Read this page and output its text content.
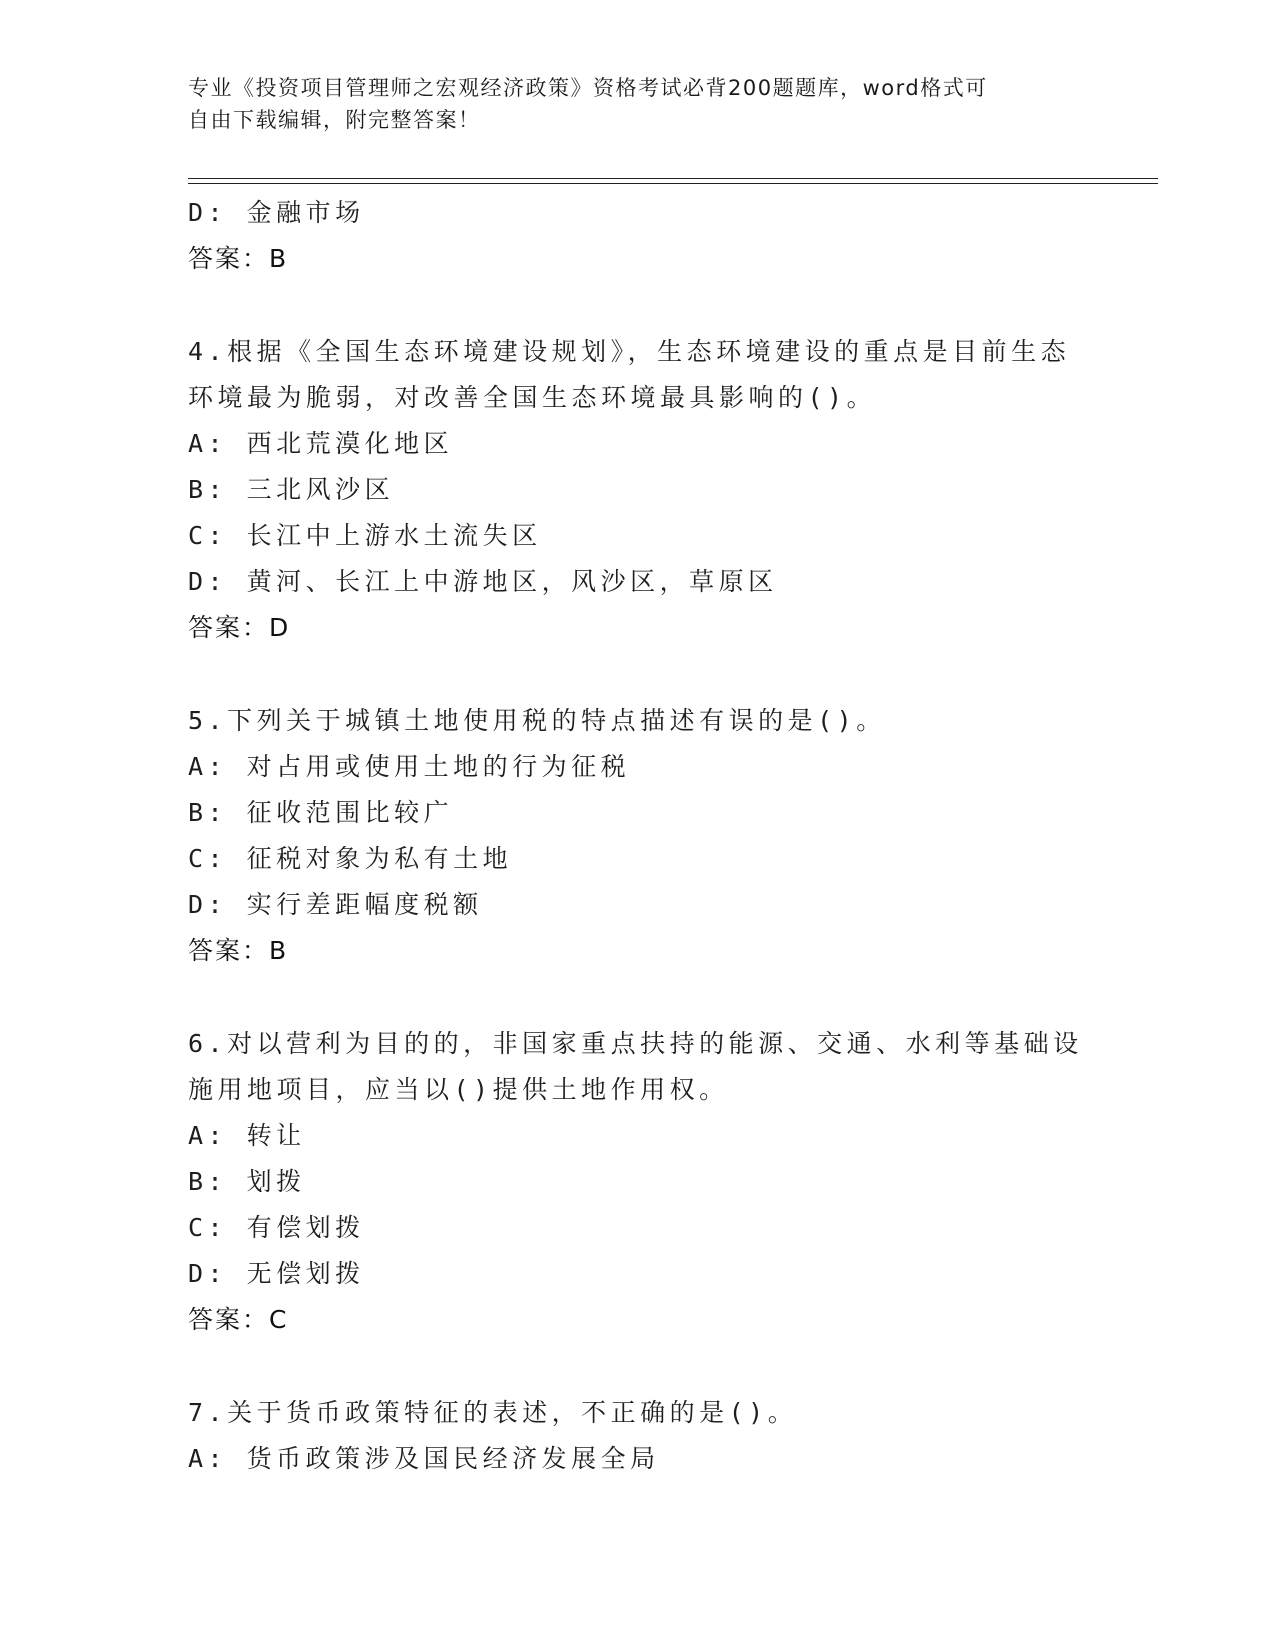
专业《投资项目管理师之宏观经济政策》资格考试必背200题题库，word格式可
自由下载编辑，附完整答案！
D: 金融市场
答案：B
4.根据《全国生态环境建设规划》，生态环境建设的重点是目前生态
环境最为脆弱，对改善全国生态环境最具影响的()。
A: 西北荒漠化地区
B: 三北风沙区
C: 长江中上游水土流失区
D: 黄河、长江上中游地区，风沙区，草原区
答案：D
5.下列关于城镇土地使用税的特点描述有误的是()。
A: 对占用或使用土地的行为征税
B: 征收范围比较广
C: 征税对象为私有土地
D: 实行差距幅度税额
答案：B
6.对以营利为目的的，非国家重点扶持的能源、交通、水利等基础设
施用地项目，应当以()提供土地作用权。
A: 转让
B: 划拨
C: 有偿划拨
D: 无偿划拨
答案：C
7.关于货币政策特征的表述，不正确的是()。
A: 货币政策涉及国民经济发展全局
